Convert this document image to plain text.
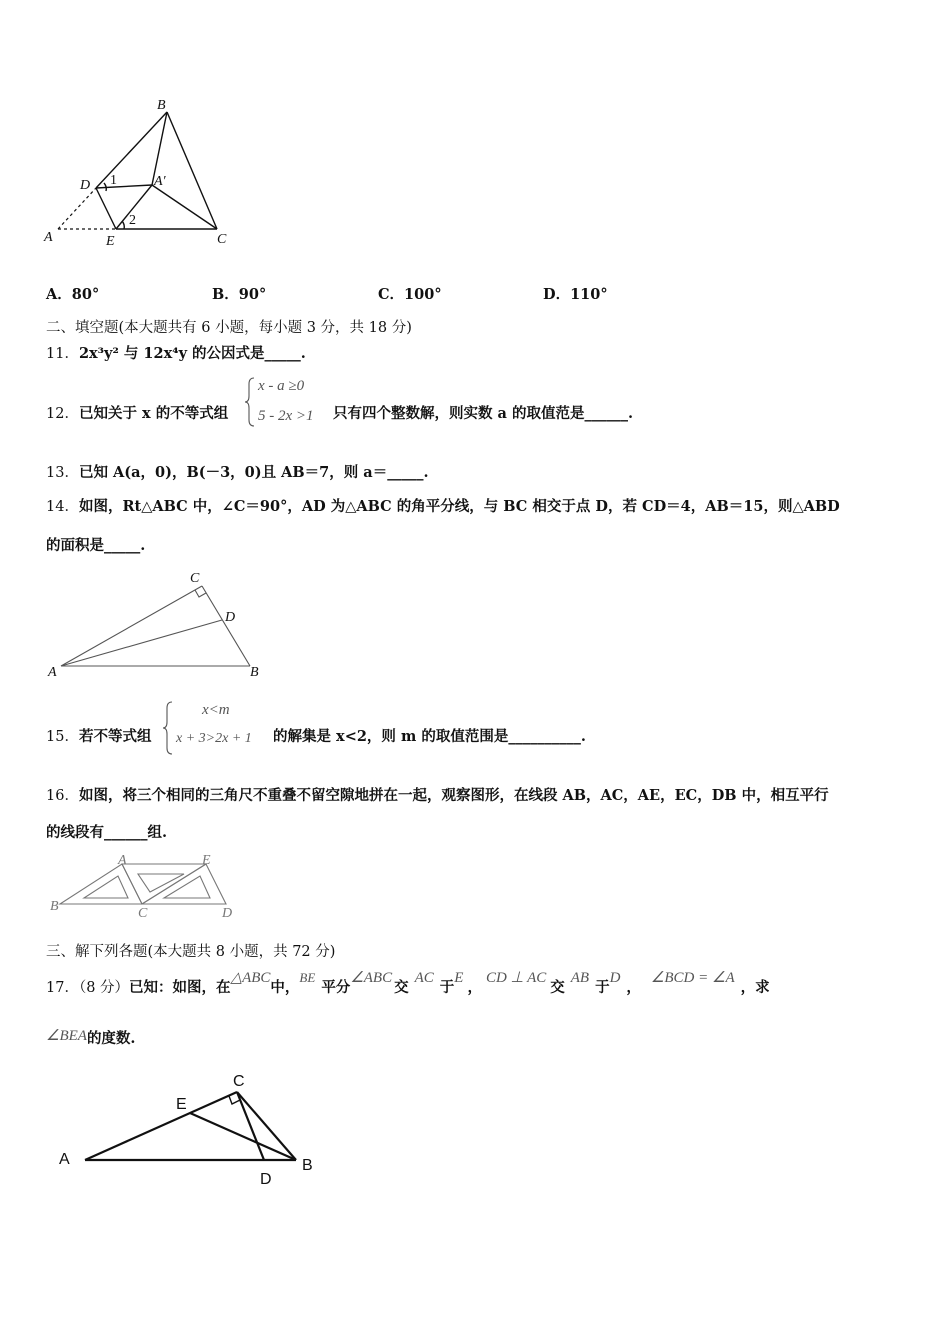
B
D 1	A′
A	E
2
C
A．80°	B．90°	C．100°	D．110°
二、填空题(本大题共有 6 小题，每小题 3 分，共 18 分)
11．2x³y² 与 12x⁴y 的公因式是_____.
12．已知关于 x 的不等式组
x - a ≥0
5 - 2x >1 只有四个整数解，则实数 a 的取值范是______.
13．已知 A(a，0)，B(－3，0)且 AB＝7，则 a＝_____.
14．如图，Rt△ABC 中，∠C＝90°，AD 为△ABC 的角平分线，与 BC 相交于点 D，若 CD＝4，AB＝15，则△ABD
的面积是_____.
C
D
A	B
15．若不等式组
x<m
x + 3>2x + 1 的解集是 x<2，则 m 的取值范围是__________.
16．如图，将三个相同的三角尺不重叠不留空隙地拼在一起，观察图形，在线段 AB，AC，AE，EC，DB 中，相互平行
的线段有______组.
A	E
B	C	D
三、解下列各题(本大题共 8 小题，共 72 分)
17．（8 分）已知：如图，在△ABC中，BE平分∠ABC交AC于E，CD ⊥ AC交AB于D，∠BCD = ∠A，求
∠BEA的度数.
C
E
A	B
D
